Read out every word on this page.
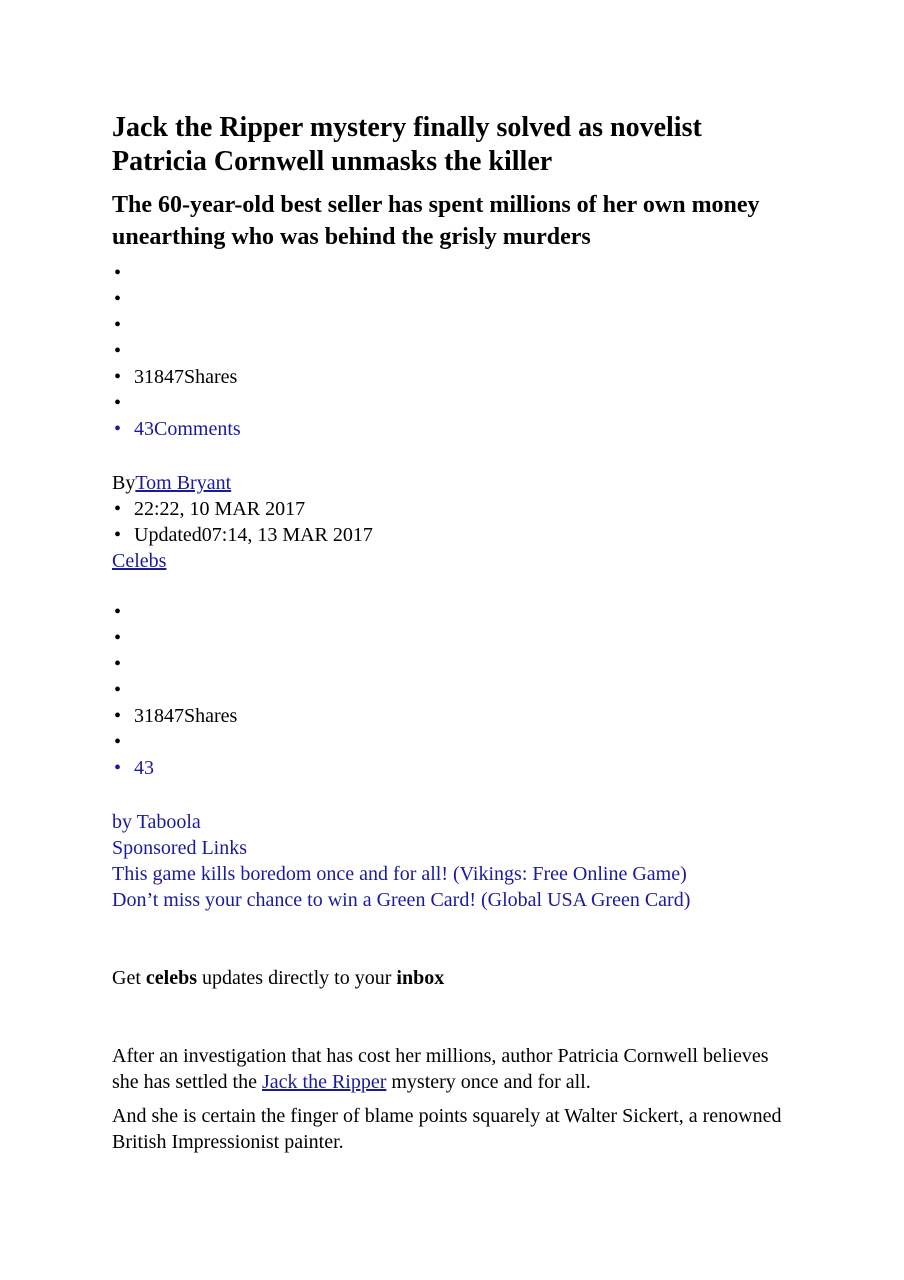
Jack the Ripper mystery finally solved as novelist Patricia Cornwell unmasks the killer
The 60-year-old best seller has spent millions of her own money unearthing who was behind the grisly murders
•
•
•
•
• 31847Shares
•
• 43Comments
ByTom Bryant
• 22:22, 10 MAR 2017
• Updated07:14, 13 MAR 2017
Celebs
•
•
•
•
• 31847Shares
•
• 43
by Taboola
Sponsored Links
This game kills boredom once and for all! (Vikings: Free Online Game)
Don’t miss your chance to win a Green Card! (Global USA Green Card)
Get celebs updates directly to your inbox

After an investigation that has cost her millions, author Patricia Cornwell believes she has settled the Jack the Ripper mystery once and for all.

And she is certain the finger of blame points squarely at Walter Sickert, a renowned British Impressionist painter.
